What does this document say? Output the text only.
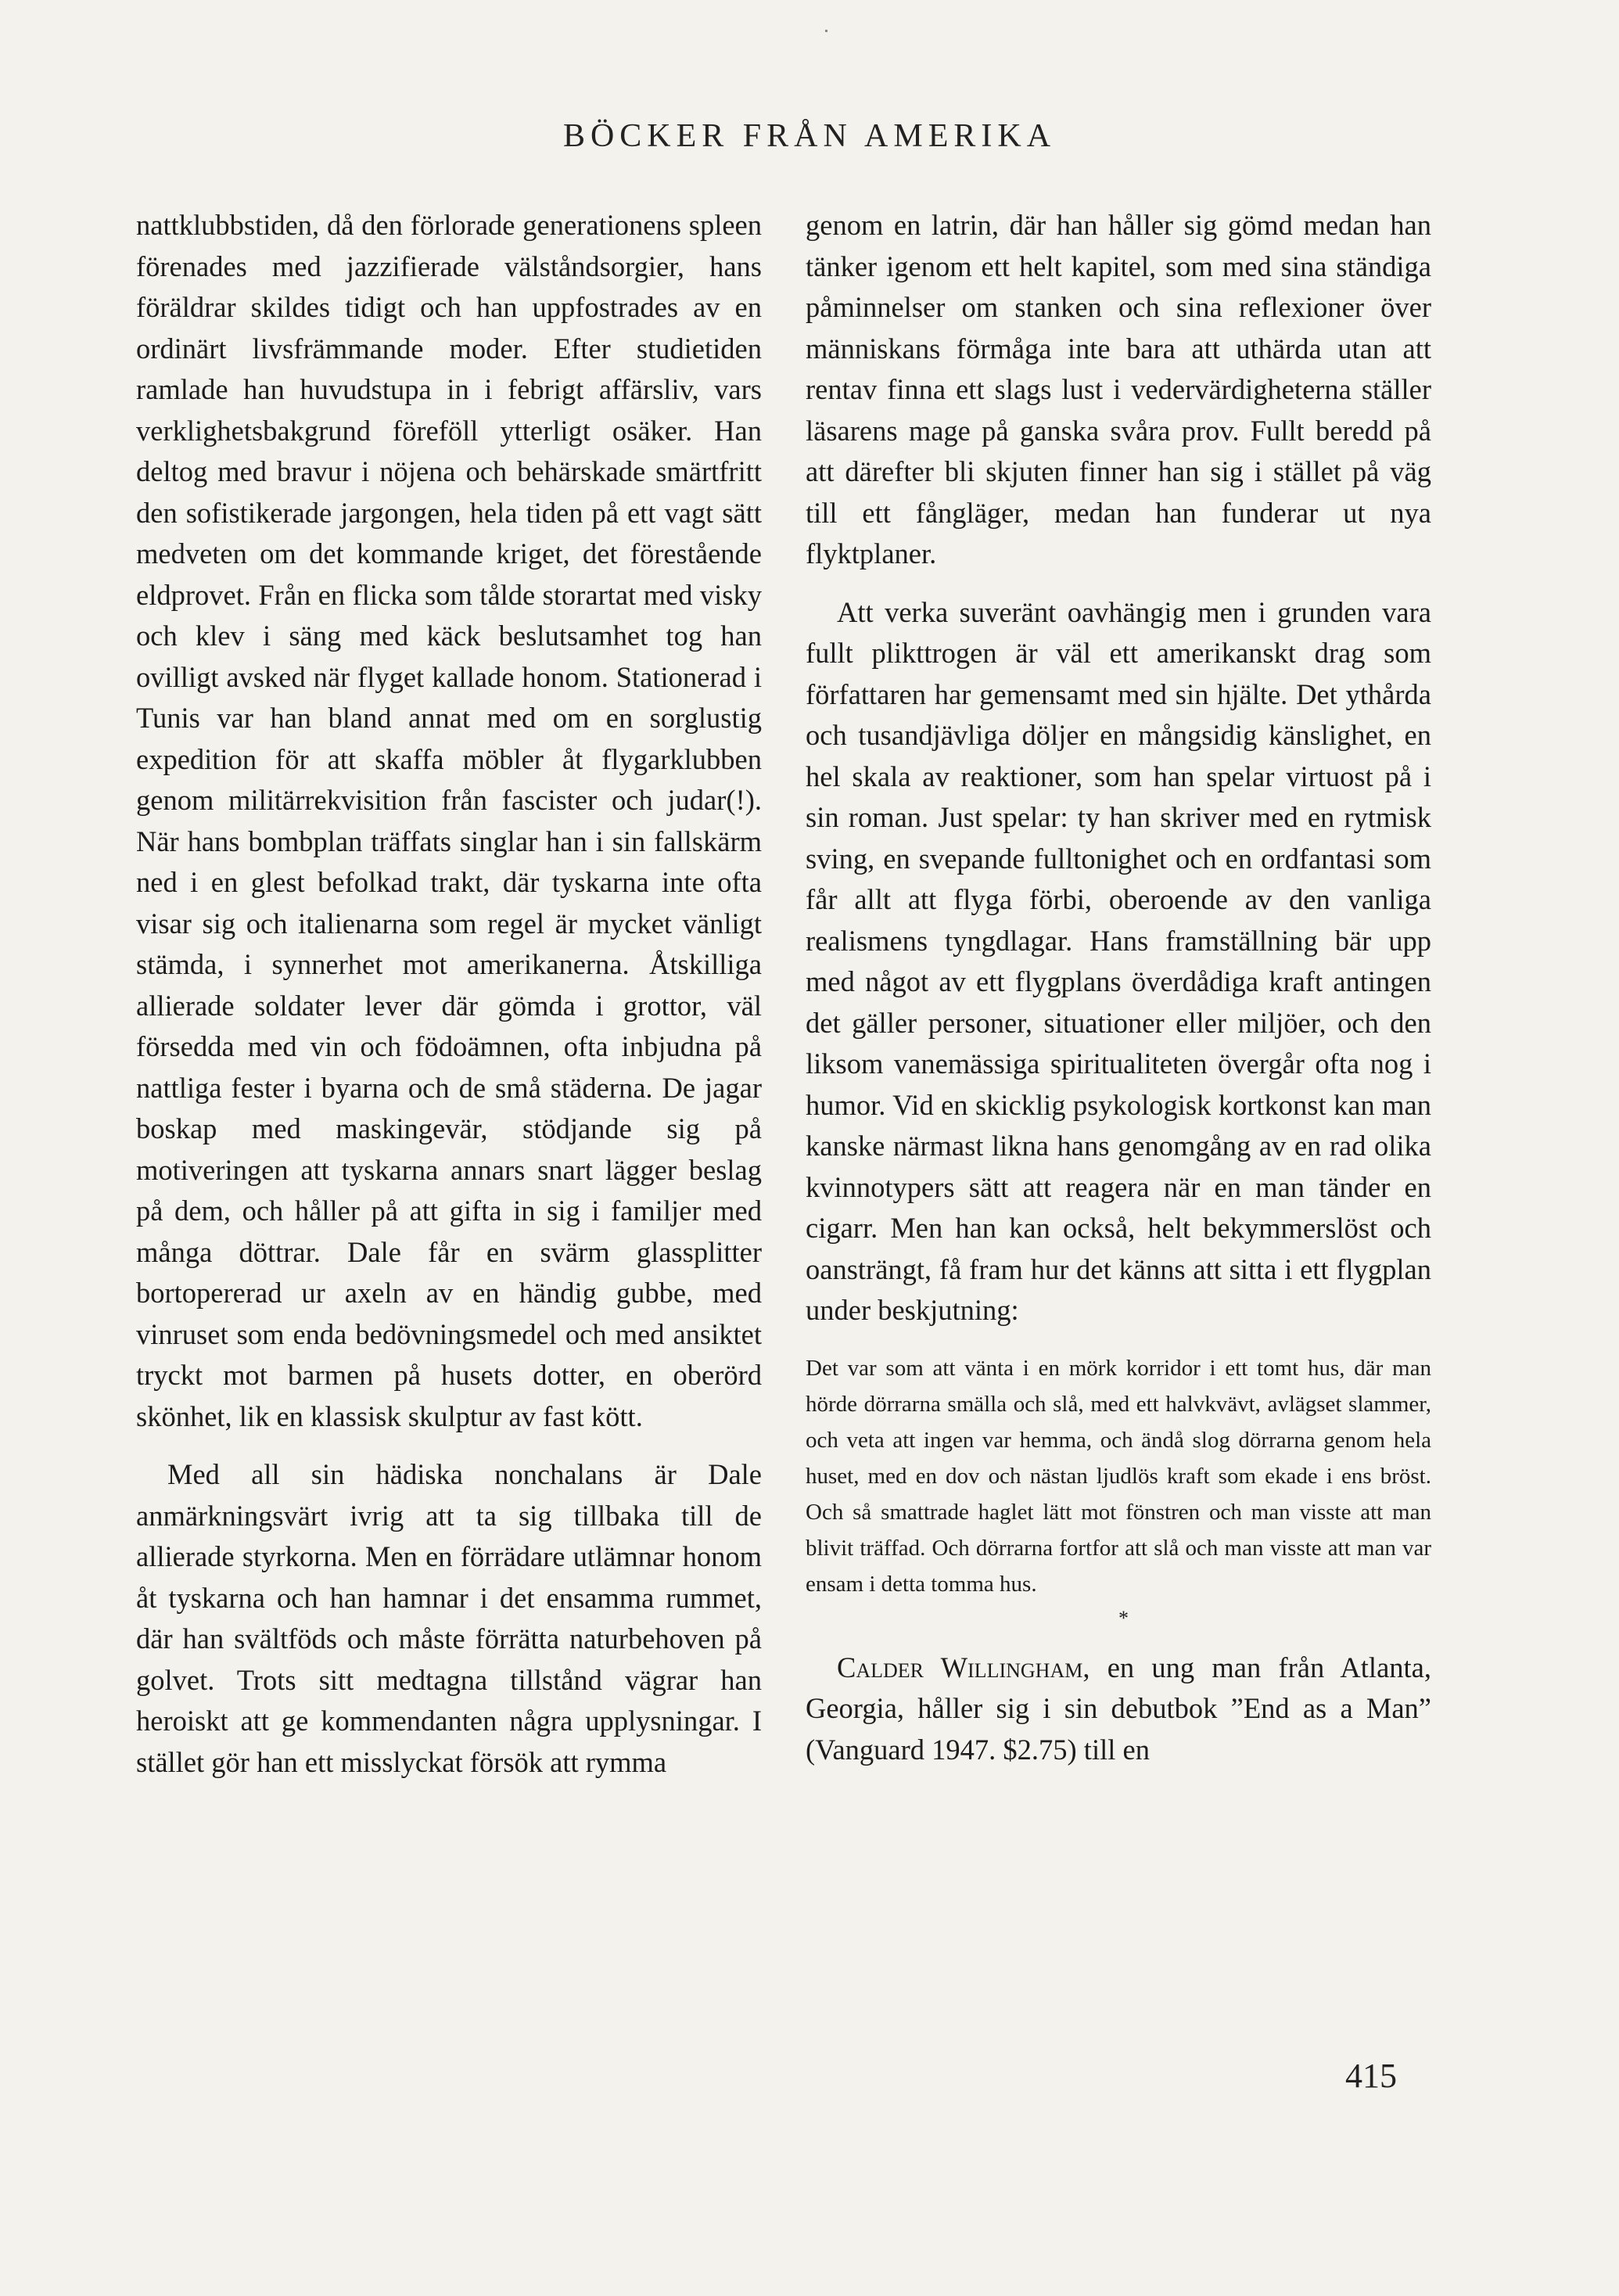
BÖCKER FRÅN AMERIKA

nattklubbstiden, då den förlorade generationens spleen förenades med jazzifierade välståndsorgier, hans föräldrar skildes tidigt och han uppfostrades av en ordinärt livsfrämmande moder. Efter studietiden ramlade han huvudstupa in i febrigt affärsliv, vars verklighetsbakgrund föreföll ytterligt osäker. Han deltog med bravur i nöjena och behärskade smärtfritt den sofistikerade jargongen, hela tiden på ett vagt sätt medveten om det kommande kriget, det förestående eldprovet. Från en flicka som tålde storartat med visky och klev i säng med käck beslutsamhet tog han ovilligt avsked när flyget kallade honom. Stationerad i Tunis var han bland annat med om en sorglustig expedition för att skaffa möbler åt flygarklubben genom militärrekvisition från fascister och judar(!). När hans bombplan träffats singlar han i sin fallskärm ned i en glest befolkad trakt, där tyskarna inte ofta visar sig och italienarna som regel är mycket vänligt stämda, i synnerhet mot amerikanerna. Åtskilliga allierade soldater lever där gömda i grottor, väl försedda med vin och födoämnen, ofta inbjudna på nattliga fester i byarna och de små städerna. De jagar boskap med maskingevär, stödjande sig på motiveringen att tyskarna annars snart lägger beslag på dem, och håller på att gifta in sig i familjer med många döttrar. Dale får en svärm glassplitter bortopererad ur axeln av en händig gubbe, med vinruset som enda bedövningsmedel och med ansiktet tryckt mot barmen på husets dotter, en oberörd skönhet, lik en klassisk skulptur av fast kött.

Med all sin hädiska nonchalans är Dale anmärkningsvärt ivrig att ta sig tillbaka till de allierade styrkorna. Men en förrädare utlämnar honom åt tyskarna och han hamnar i det ensamma rummet, där han svältföds och måste förrätta naturbehoven på golvet. Trots sitt medtagna tillstånd vägrar han heroiskt att ge kommendanten några upplysningar. I stället gör han ett misslyckat försök att rymma

genom en latrin, där han håller sig gömd medan han tänker igenom ett helt kapitel, som med sina ständiga påminnelser om stanken och sina reflexioner över människans förmåga inte bara att uthärda utan att rentav finna ett slags lust i vedervärdigheterna ställer läsarens mage på ganska svåra prov. Fullt beredd på att därefter bli skjuten finner han sig i stället på väg till ett fångläger, medan han funderar ut nya flyktplaner.

Att verka suveränt oavhängig men i grunden vara fullt plikttrogen är väl ett amerikanskt drag som författaren har gemensamt med sin hjälte. Det ythårda och tusandjävliga döljer en mångsidig känslighet, en hel skala av reaktioner, som han spelar virtuost på i sin roman. Just spelar: ty han skriver med en rytmisk sving, en svepande fulltonighet och en ordfantasi som får allt att flyga förbi, oberoende av den vanliga realismens tyngdlagar. Hans framställning bär upp med något av ett flygplans överdådiga kraft antingen det gäller personer, situationer eller miljöer, och den liksom vanemässiga spiritualiteten övergår ofta nog i humor. Vid en skicklig psykologisk kortkonst kan man kanske närmast likna hans genomgång av en rad olika kvinnotypers sätt att reagera när en man tänder en cigarr. Men han kan också, helt bekymmerslöst och oansträngt, få fram hur det känns att sitta i ett flygplan under beskjutning:

Det var som att vänta i en mörk korridor i ett tomt hus, där man hörde dörrarna smälla och slå, med ett halvkvävt, avlägset slammer, och veta att ingen var hemma, och ändå slog dörrarna genom hela huset, med en dov och nästan ljudlös kraft som ekade i ens bröst. Och så smattrade haglet lätt mot fönstren och man visste att man blivit träffad. Och dörrarna fortfor att slå och man visste att man var ensam i detta tomma hus.

*

Calder Willingham, en ung man från Atlanta, Georgia, håller sig i sin debutbok ”End as a Man” (Vanguard 1947. $2.75) till en

415
